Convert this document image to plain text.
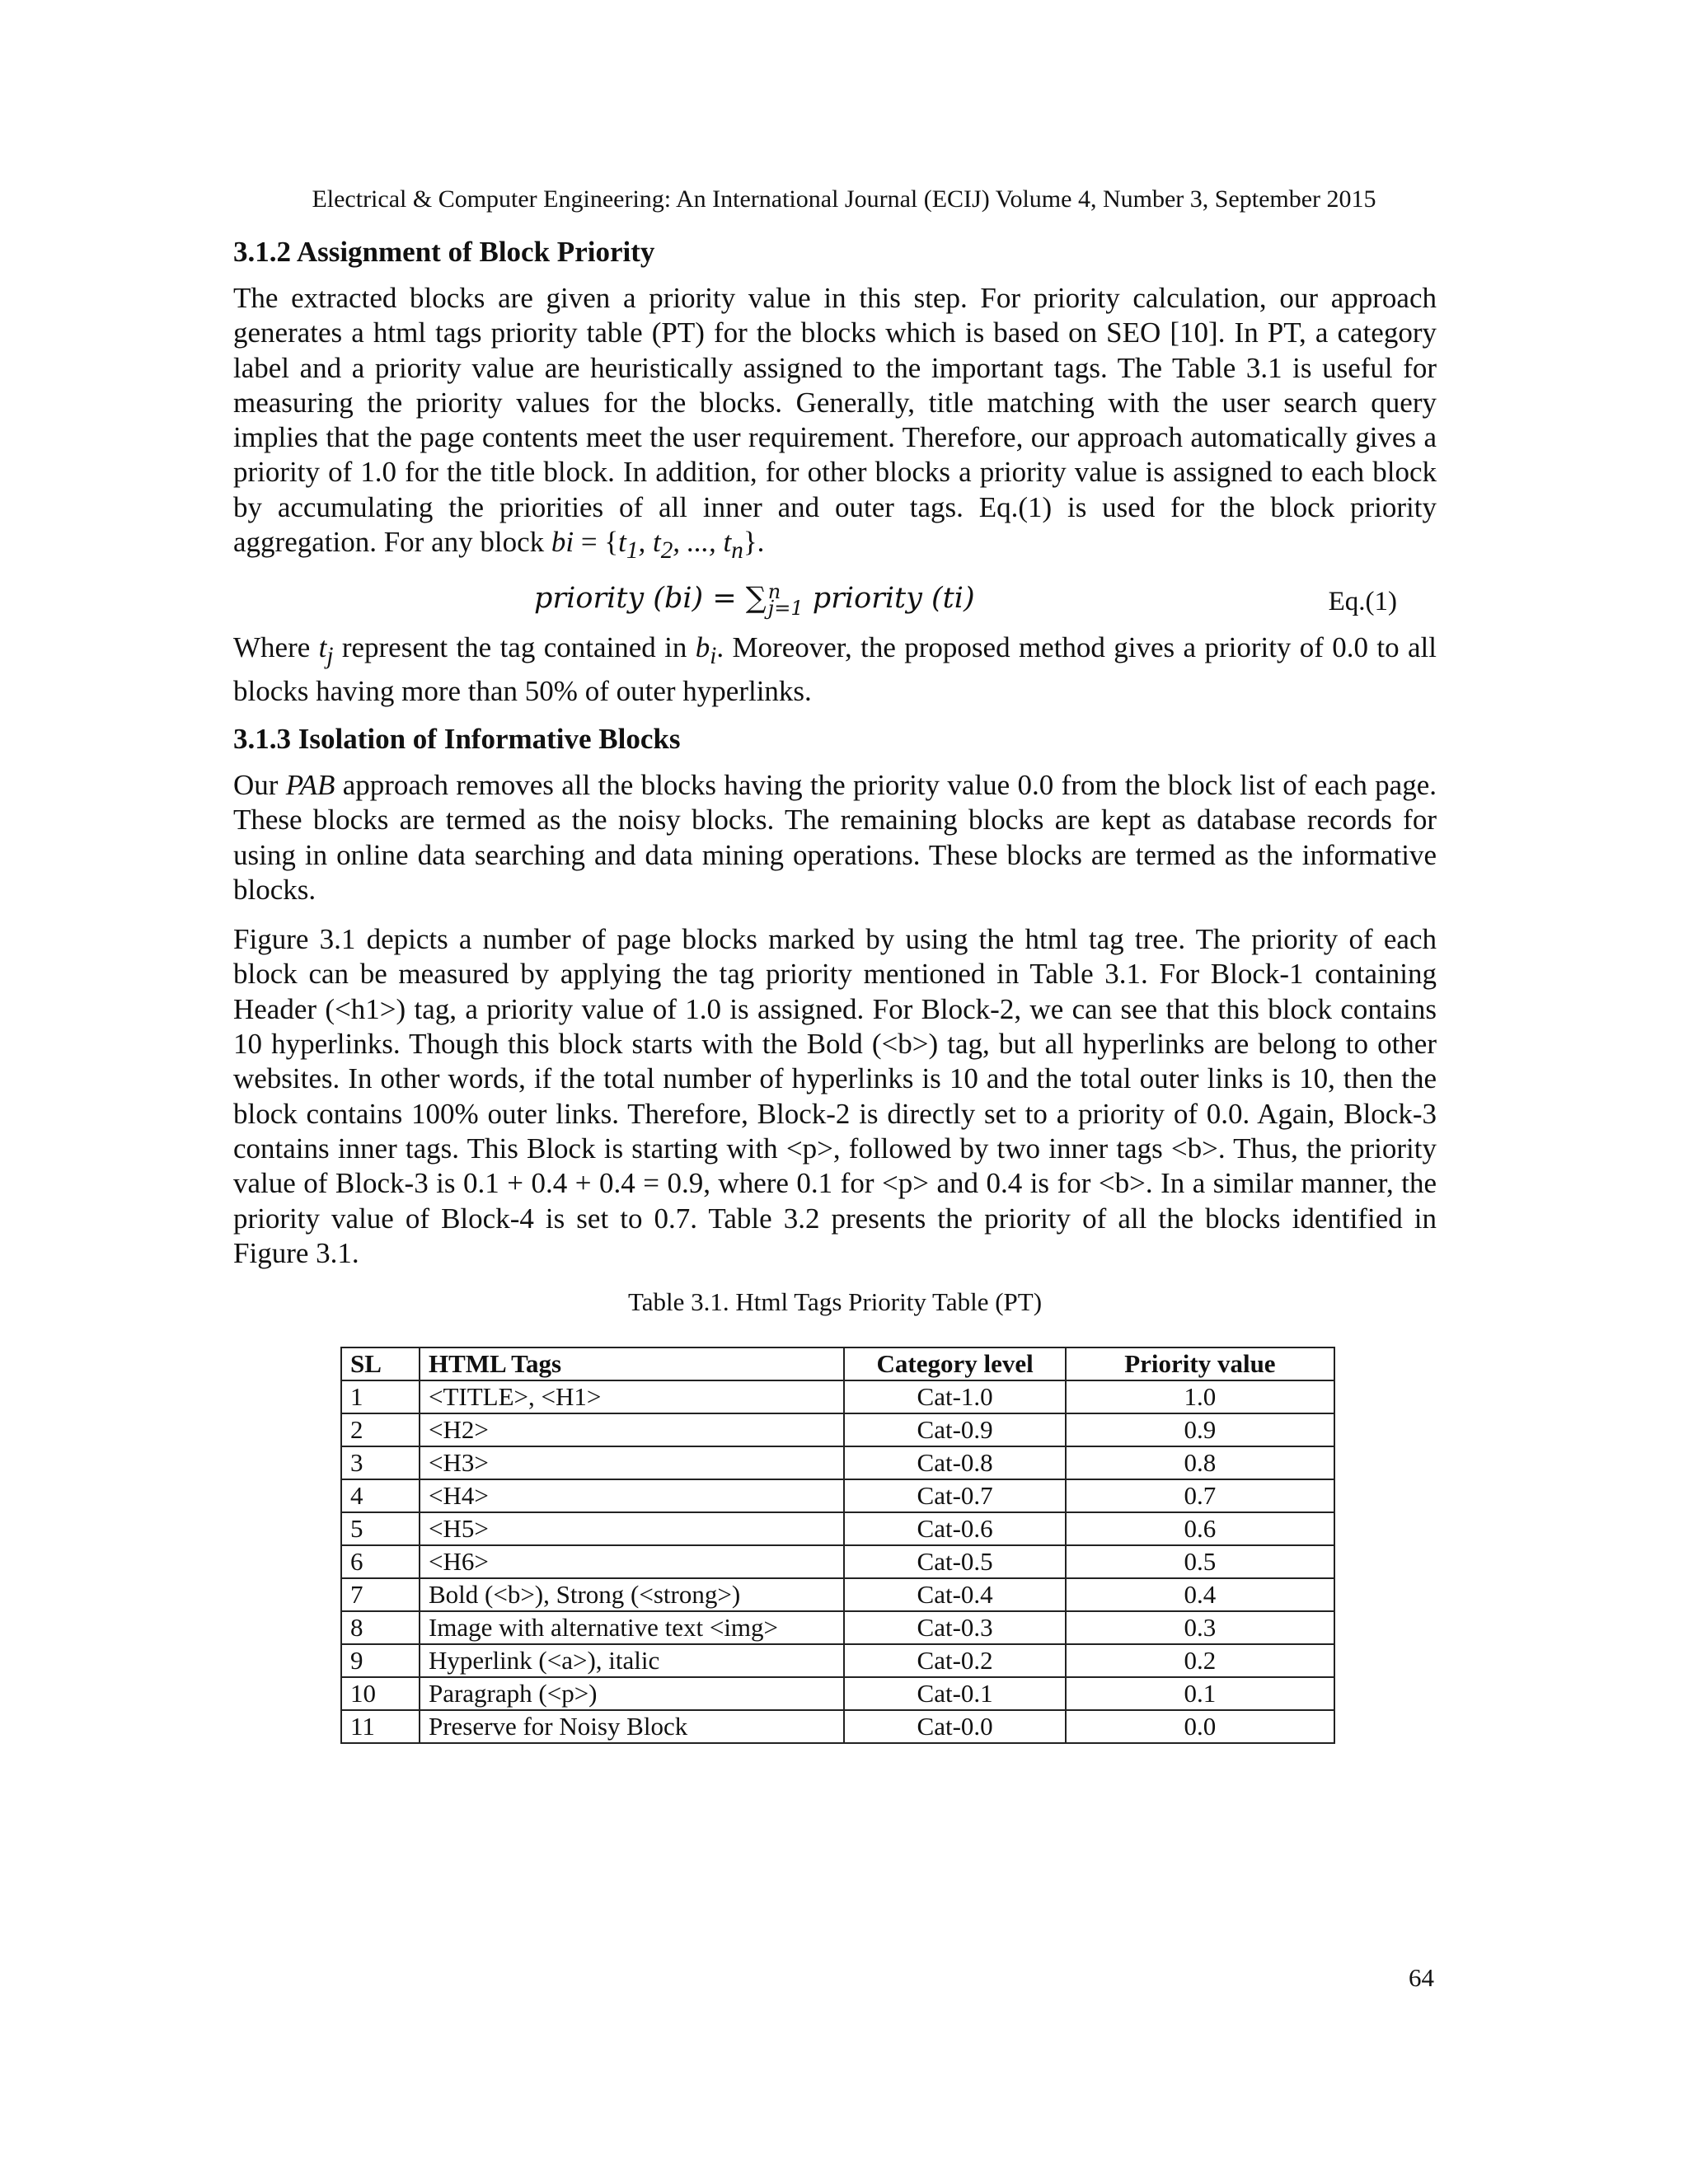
Electrical & Computer Engineering: An International Journal (ECIJ) Volume 4, Number 3, September 2015
3.1.2 Assignment of Block Priority

The extracted blocks are given a priority value in this step. For priority calculation, our approach generates a html tags priority table (PT) for the blocks which is based on SEO [10]. In PT, a category label and a priority value are heuristically assigned to the important tags. The Table 3.1 is useful for measuring the priority values for the blocks. Generally, title matching with the user search query implies that the page contents meet the user requirement. Therefore, our approach automatically gives a priority of 1.0 for the title block. In addition, for other blocks a priority value is assigned to each block by accumulating the priorities of all inner and outer tags. Eq.(1) is used for the block priority aggregation. For any block bi = {$t_1$, $t_2$, ..., $t_n$}.

priority (bi) = ∑ n
j=1 priority (ti)	Eq.(1)

Where $t_j$ represent the tag contained in $b_i$. Moreover, the proposed method gives a priority of 0.0 to all blocks having more than 50% of outer hyperlinks.

3.1.3 Isolation of Informative Blocks

Our PAB approach removes all the blocks having the priority value 0.0 from the block list of each page. These blocks are termed as the noisy blocks. The remaining blocks are kept as database records for using in online data searching and data mining operations. These blocks are termed as the informative blocks.

Figure 3.1 depicts a number of page blocks marked by using the html tag tree. The priority of each block can be measured by applying the tag priority mentioned in Table 3.1. For Block-1 containing Header (<h1>) tag, a priority value of 1.0 is assigned. For Block-2, we can see that this block contains 10 hyperlinks. Though this block starts with the Bold (<b>) tag, but all hyperlinks are belong to other websites. In other words, if the total number of hyperlinks is 10 and the total outer links is 10, then the block contains 100% outer links. Therefore, Block-2 is directly set to a priority of 0.0. Again, Block-3 contains inner tags. This Block is starting with <p>, followed by two inner tags <b>. Thus, the priority value of Block-3 is 0.1 + 0.4 + 0.4 = 0.9, where 0.1 for <p> and 0.4 is for <b>. In a similar manner, the priority value of Block-4 is set to 0.7. Table 3.2 presents the priority of all the blocks identified in Figure 3.1.

Table 3.1. Html Tags Priority Table (PT)
SL	HTML Tags	Category level	Priority value
1	<TITLE>, <H1>	Cat-1.0	1.0
2	<H2>	Cat-0.9	0.9
3	<H3>	Cat-0.8	0.8
4	<H4>	Cat-0.7	0.7
5	<H5>	Cat-0.6	0.6
6	<H6>	Cat-0.5	0.5
7	Bold (<b>), Strong (<strong>)	Cat-0.4	0.4
8	Image with alternative text <img>	Cat-0.3	0.3
9	Hyperlink (<a>), italic	Cat-0.2	0.2
10	Paragraph (<p>)	Cat-0.1	0.1
11	Preserve for Noisy Block	Cat-0.0	0.0
64
